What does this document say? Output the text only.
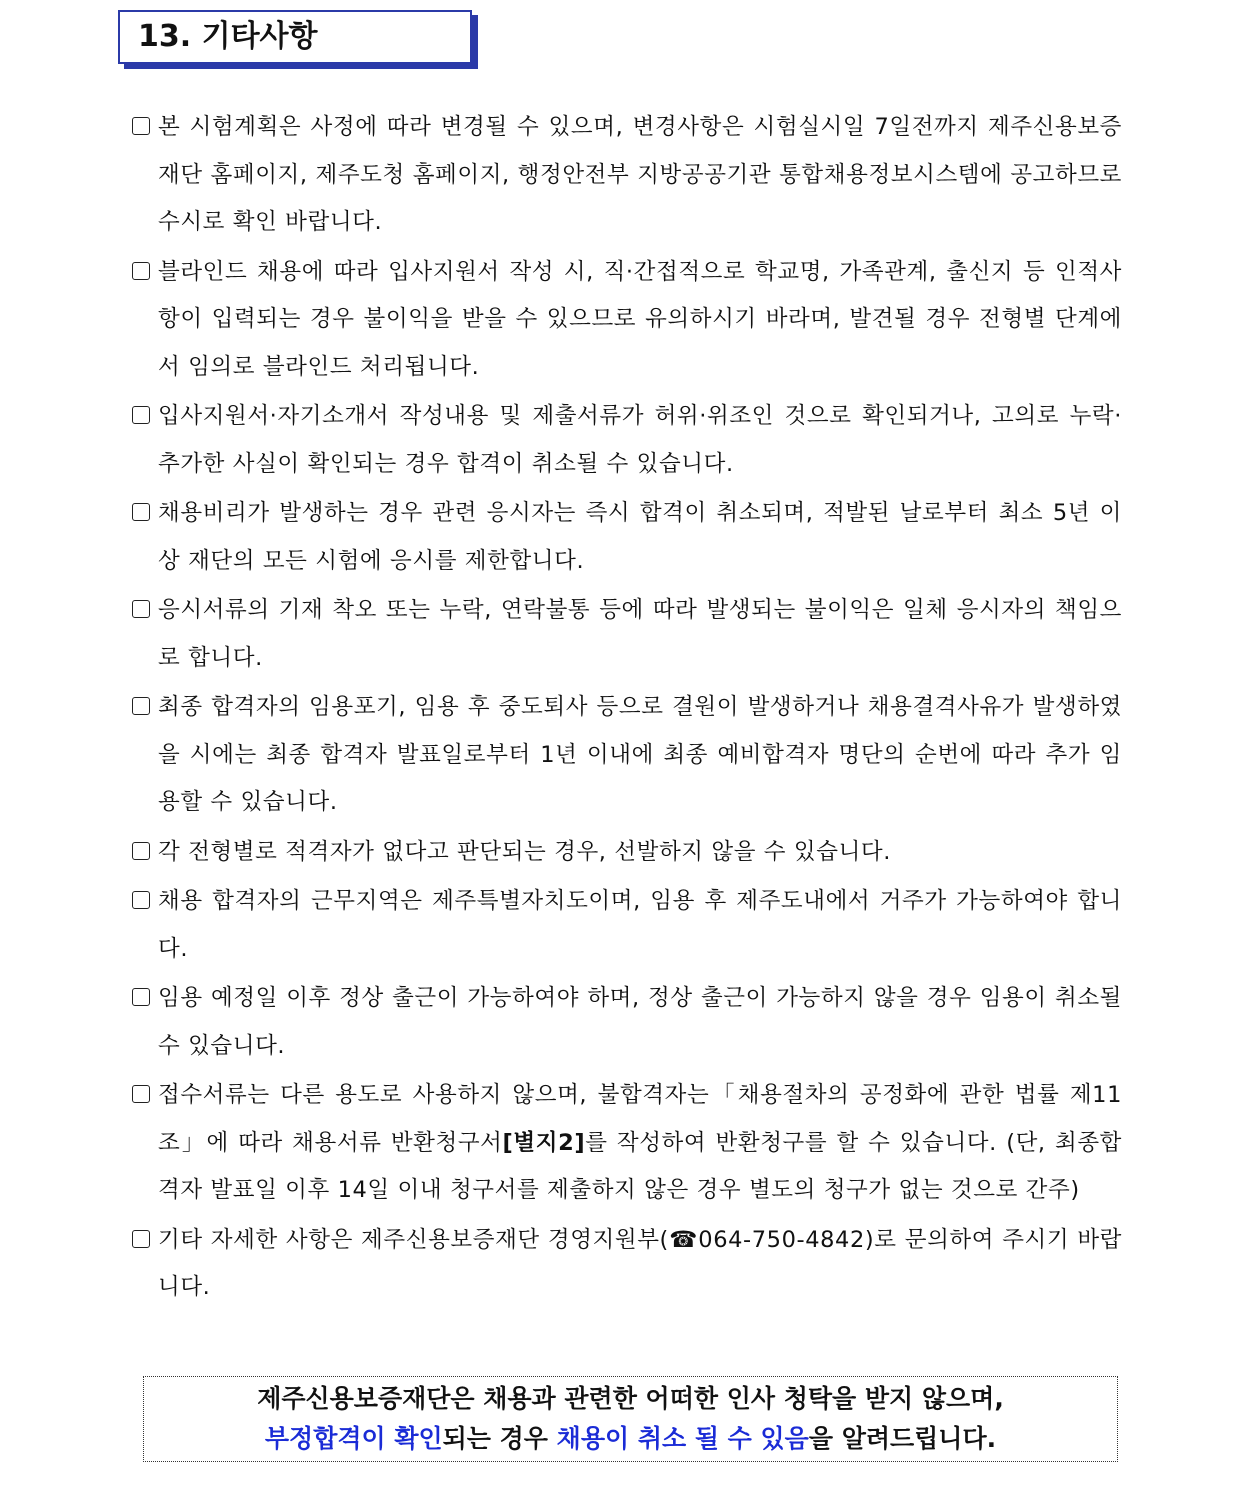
13. 기타사항
본 시험계획은 사정에 따라 변경될 수 있으며, 변경사항은 시험실시일 7일전까지 제주신용보증재단 홈페이지, 제주도청 홈페이지, 행정안전부 지방공공기관 통합채용정보시스템에 공고하므로 수시로 확인 바랍니다.
블라인드 채용에 따라 입사지원서 작성 시, 직·간접적으로 학교명, 가족관계, 출신지 등 인적사항이 입력되는 경우 불이익을 받을 수 있으므로 유의하시기 바라며, 발견될 경우 전형별 단계에서 임의로 블라인드 처리됩니다.
입사지원서·자기소개서 작성내용 및 제출서류가 허위·위조인 것으로 확인되거나, 고의로 누락·추가한 사실이 확인되는 경우 합격이 취소될 수 있습니다.
채용비리가 발생하는 경우 관련 응시자는 즉시 합격이 취소되며, 적발된 날로부터 최소 5년 이상 재단의 모든 시험에 응시를 제한합니다.
응시서류의 기재 착오 또는 누락, 연락불통 등에 따라 발생되는 불이익은 일체 응시자의 책임으로 합니다.
최종 합격자의 임용포기, 임용 후 중도퇴사 등으로 결원이 발생하거나 채용결격사유가 발생하였을 시에는 최종 합격자 발표일로부터 1년 이내에 최종 예비합격자 명단의 순번에 따라 추가 임용할 수 있습니다.
각 전형별로 적격자가 없다고 판단되는 경우, 선발하지 않을 수 있습니다.
채용 합격자의 근무지역은 제주특별자치도이며, 임용 후 제주도내에서 거주가 가능하여야 합니다.
임용 예정일 이후 정상 출근이 가능하여야 하며, 정상 출근이 가능하지 않을 경우 임용이 취소될 수 있습니다.
접수서류는 다른 용도로 사용하지 않으며, 불합격자는「채용절차의 공정화에 관한 법률 제11조」에 따라 채용서류 반환청구서[별지2]를 작성하여 반환청구를 할 수 있습니다. (단, 최종합격자 발표일 이후 14일 이내 청구서를 제출하지 않은 경우 별도의 청구가 없는 것으로 간주)
기타 자세한 사항은 제주신용보증재단 경영지원부(☎064-750-4842)로 문의하여 주시기 바랍니다.
제주신용보증재단은 채용과 관련한 어떠한 인사 청탁을 받지 않으며,
부정합격이 확인되는 경우 채용이 취소 될 수 있음을 알려드립니다.
